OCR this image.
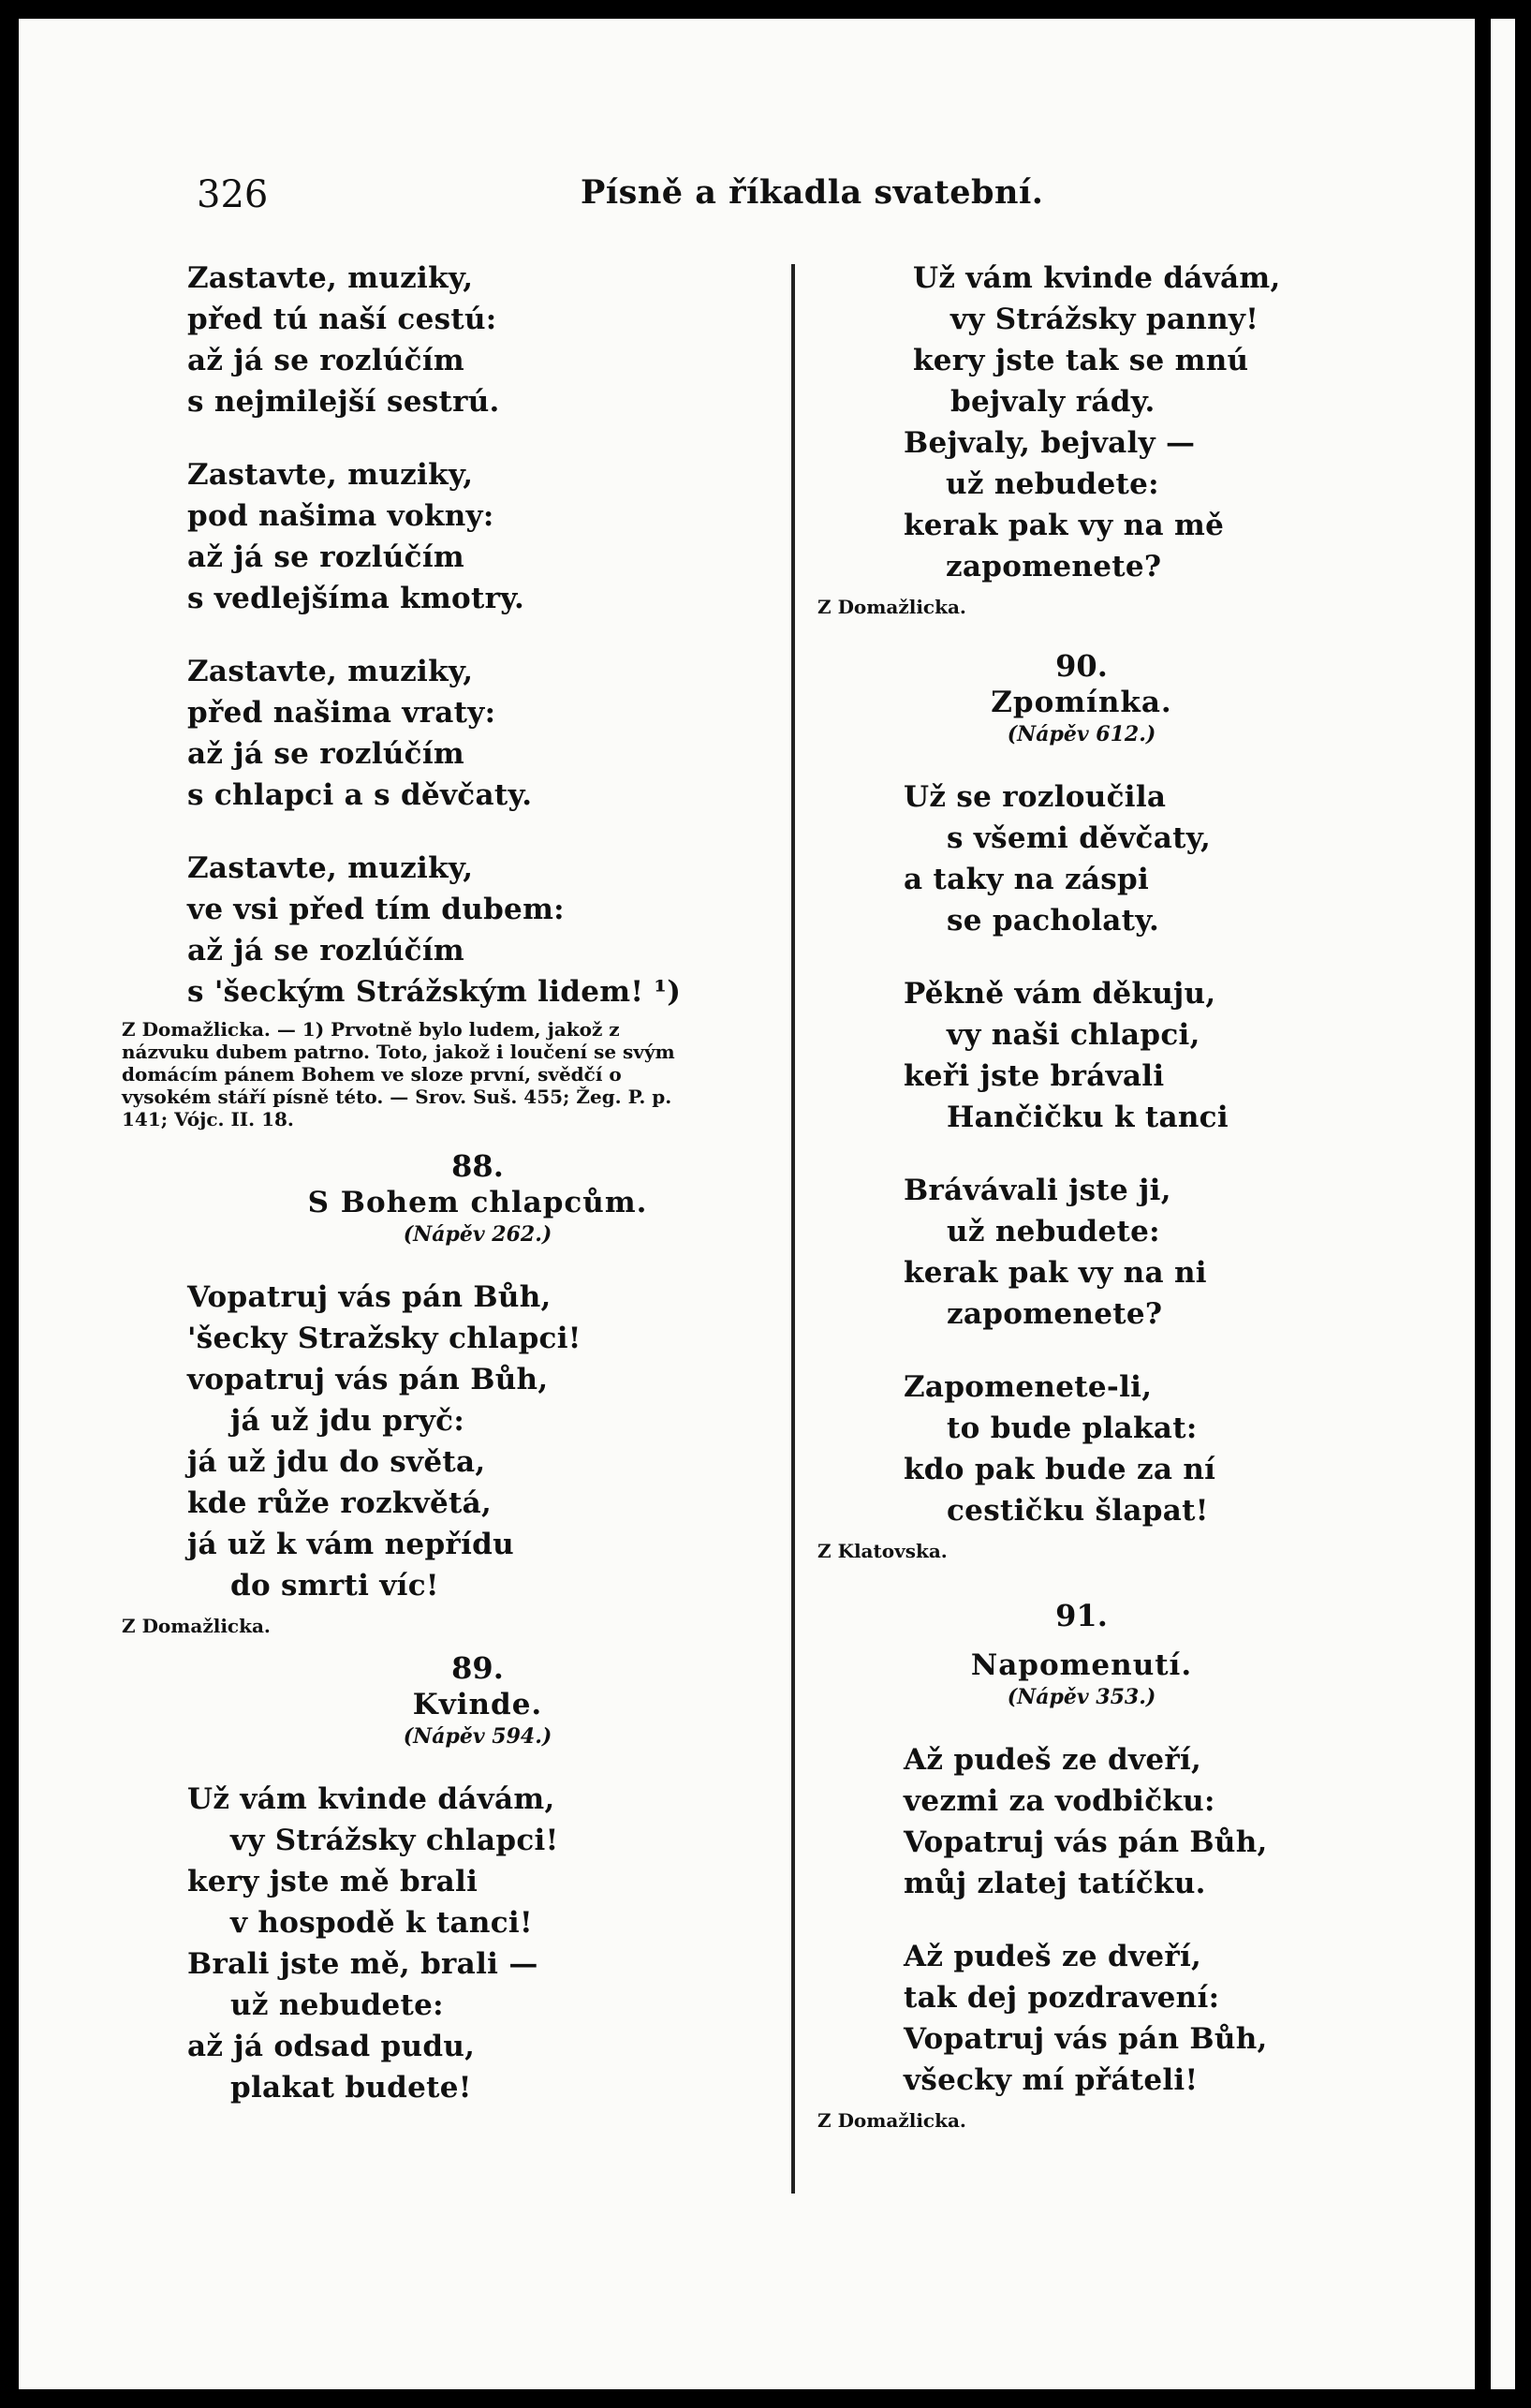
326	Písně a říkadla svatební.
Zastavte, muziky,
před tú naší cestú:
až já se rozlúčím
s nejmilejší sestrú.
Zastavte, muziky,
pod našima vokny:
až já se rozlúčím
s vedlejšíma kmotry.
Zastavte, muziky,
před našima vraty:
až já se rozlúčím
s chlapci a s děvčaty.
Zastavte, muziky,
ve vsi před tím dubem:
až já se rozlúčím
s 'šeckým Strážským lidem! ¹)
Z Domažlicka. — 1) Prvotně bylo ludem, jakož z názvuku dubem patrno. Toto, jakož i loučení se svým domácím pánem Bohem ve sloze první, svědčí o vysokém stáří písně této. — Srov. Suš. 455; Žeg. P. p. 141; Vójc. II. 18.
88.
S Bohem chlapcům.
(Nápěv 262.)
Vopatruj vás pán Bůh,
'šecky Stražsky chlapci!
vopatruj vás pán Bůh,
já už jdu pryč:
já už jdu do světa,
kde růže rozkvětá,
já už k vám nepřídu
do smrti víc!
Z Domažlicka.
89.
Kvinde.
(Nápěv 594.)
Už vám kvinde dávám,
vy Strážsky chlapci!
kery jste mě brali
v hospodě k tanci!
Brali jste mě, brali —
už nebudete:
až já odsad pudu,
plakat budete!
Už vám kvinde dávám,
vy Strážsky panny!
kery jste tak se mnú
bejvaly rády.
Bejvaly, bejvaly —
už nebudete:
kerak pak vy na mě
zapomenete?
Z Domažlicka.
90.
Zpomínka.
(Nápěv 612.)
Už se rozloučila
s všemi děvčaty,
a taky na záspi
se pacholaty.
Pěkně vám děkuju,
vy naši chlapci,
keři jste brávali
Hančičku k tanci
Brávávali jste ji,
už nebudete:
kerak pak vy na ni
zapomenete?
Zapomenete-li,
to bude plakat:
kdo pak bude za ní
cestičku šlapat!
Z Klatovska.
91.
Napomenutí.
(Nápěv 353.)
Až pudeš ze dveří,
vezmi za vodbičku:
Vopatruj vás pán Bůh,
můj zlatej tatíčku.
Až pudeš ze dveří,
tak dej pozdravení:
Vopatruj vás pán Bůh,
všecky mí přáteli!
Z Domažlicka.
